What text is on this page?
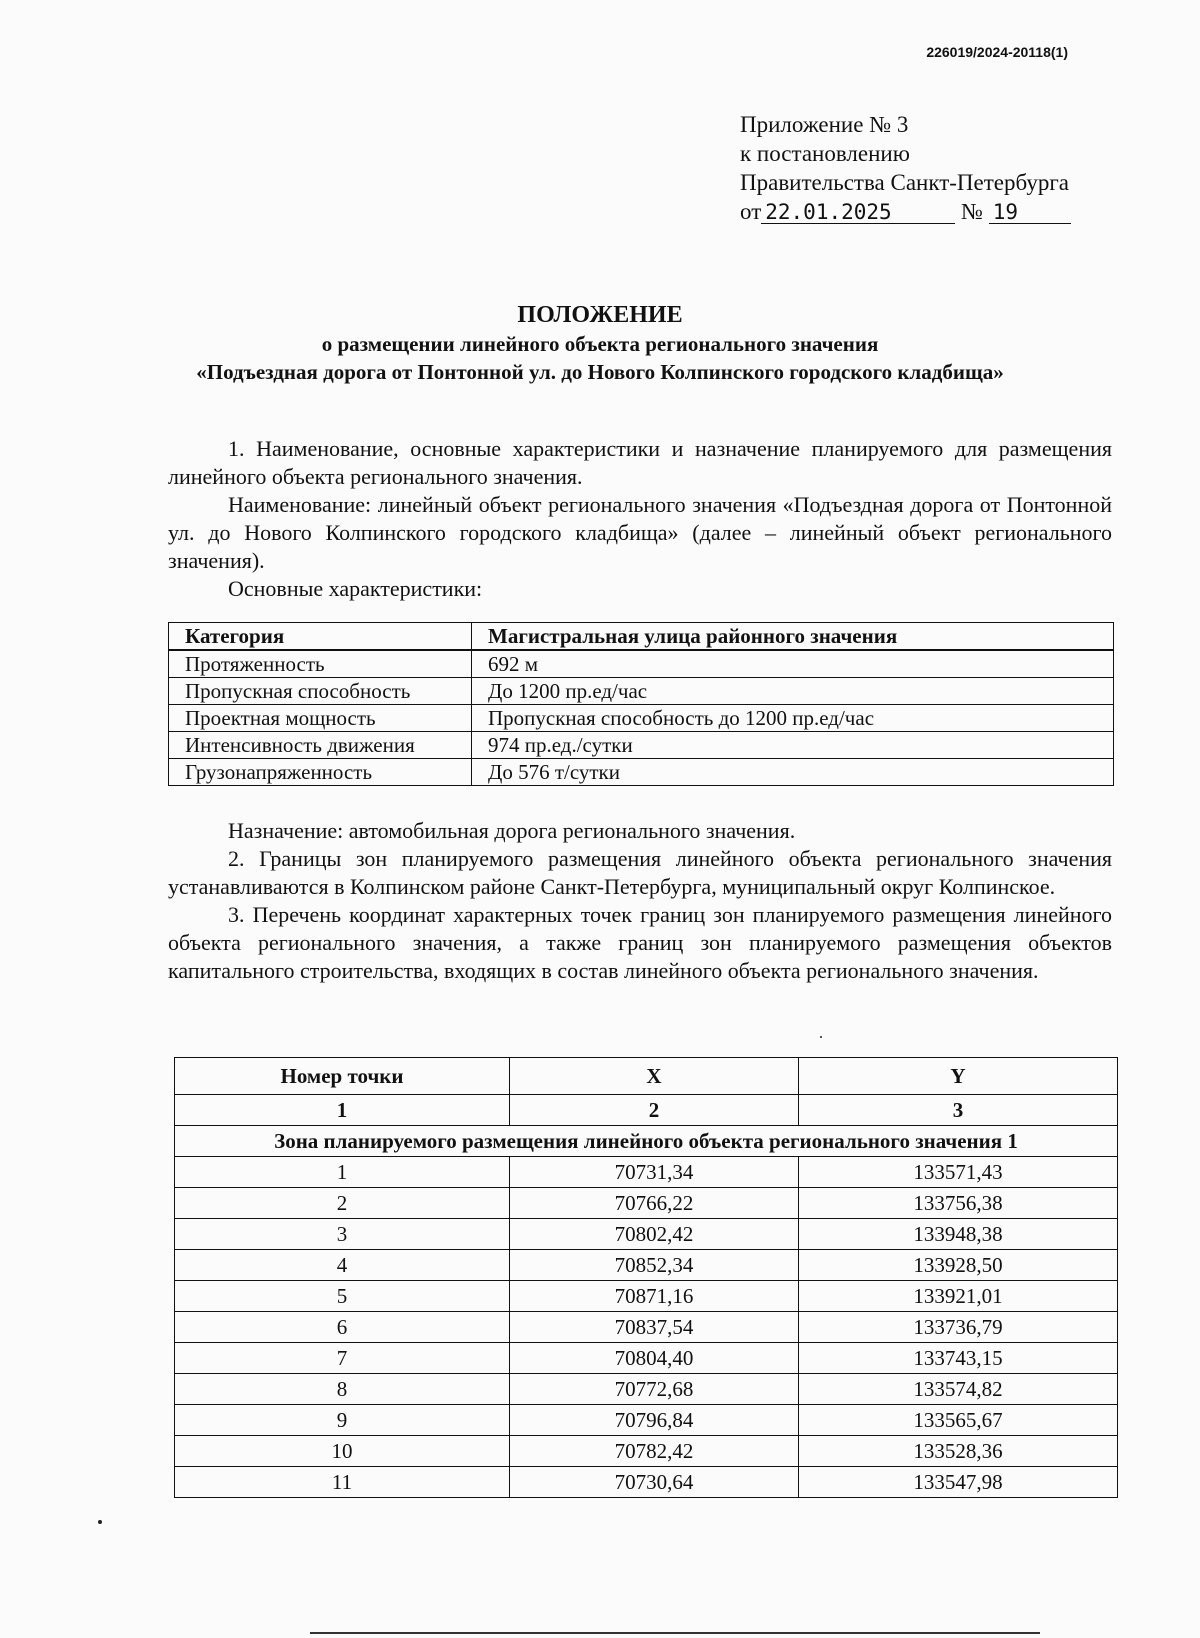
226019/2024-20118(1)
Приложение № 3
к постановлению
Правительства Санкт-Петербурга
от 22.01.2025	№ 19
ПОЛОЖЕНИЕ
о размещении линейного объекта регионального значения
«Подъездная дорога от Понтонной ул. до Нового Колпинского городского кладбища»

1. Наименование, основные характеристики и назначение планируемого для размещения линейного объекта регионального значения.

Наименование: линейный объект регионального значения «Подъездная дорога от Понтонной ул. до Нового Колпинского городского кладбища» (далее – линейный объект регионального значения).

Основные характеристики:

Категория	Магистральная улица районного значения
Протяженность	692 м
Пропускная способность	До 1200 пр.ед/час
Проектная мощность	Пропускная способность до 1200 пр.ед/час
Интенсивность движения	974 пр.ед./сутки
Грузонапряженность	До 576 т/сутки

Назначение: автомобильная дорога регионального значения.

2. Границы зон планируемого размещения линейного объекта регионального значения устанавливаются в Колпинском районе Санкт-Петербурга, муниципальный округ Колпинское.

3. Перечень координат характерных точек границ зон планируемого размещения линейного объекта регионального значения, а также границ зон планируемого размещения объектов капитального строительства, входящих в состав линейного объекта регионального значения.

Номер точки	X	Y
1	2	3
Зона планируемого размещения линейного объекта регионального значения 1		
1	70731,34	133571,43
2	70766,22	133756,38
3	70802,42	133948,38
4	70852,34	133928,50
5	70871,16	133921,01
6	70837,54	133736,79
7	70804,40	133743,15
8	70772,68	133574,82
9	70796,84	133565,67
10	70782,42	133528,36
11	70730,64	133547,98
